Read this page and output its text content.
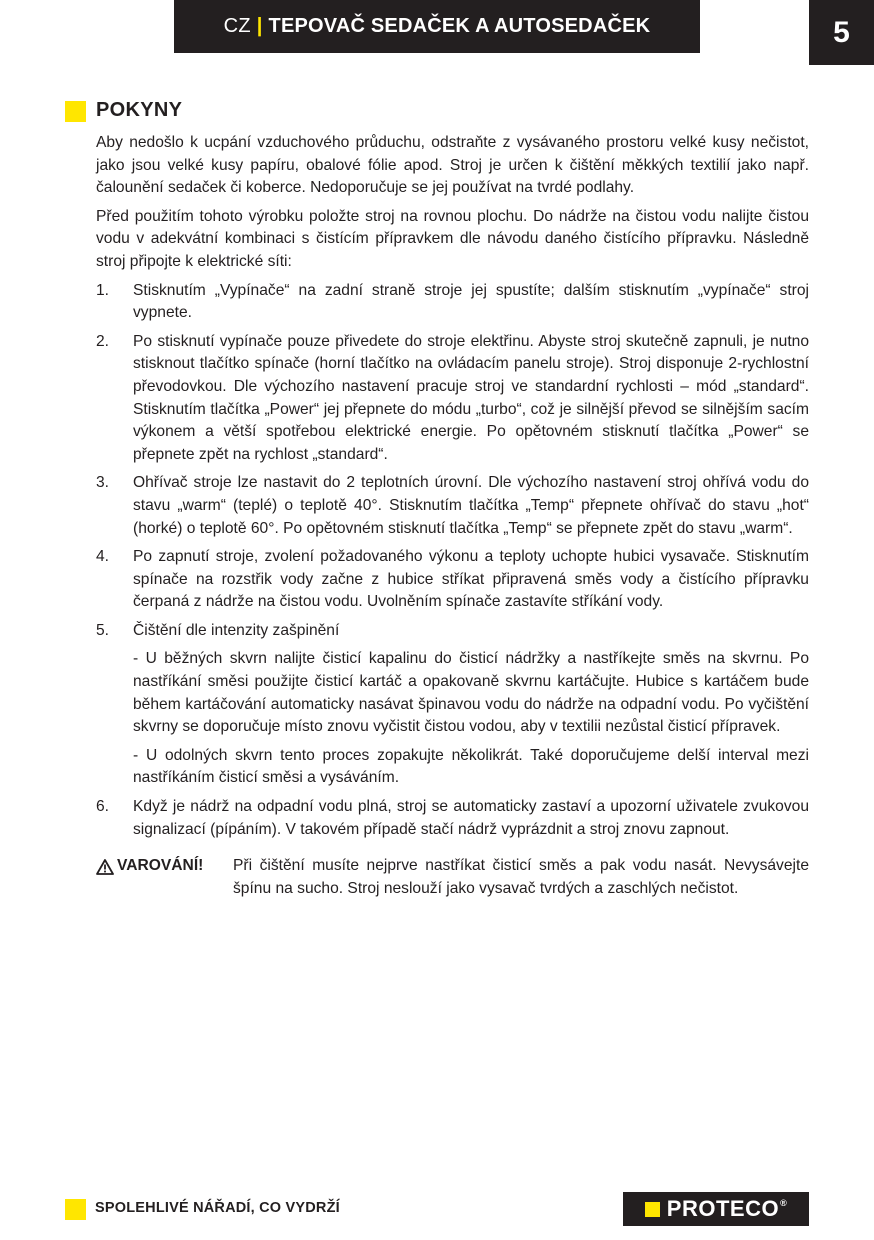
CZ | TEPOVAČ SEDAČEK A AUTOSEDAČEK	5
POKYNY

Aby nedošlo k ucpání vzduchového průduchu, odstraňte z vysávaného prostoru velké kusy nečistot, jako jsou velké kusy papíru, obalové fólie apod. Stroj je určen k čištění měkkých textilií jako např. čalounění sedaček či koberce. Nedoporučuje se jej používat na tvrdé podlahy.

Před použitím tohoto výrobku položte stroj na rovnou plochu. Do nádrže na čistou vodu nalijte čistou vodu v adekvátní kombinaci s čistícím přípravkem dle návodu daného čistícího přípravku. Následně stroj připojte k elektrické síti:

1.	Stisknutím „Vypínače“ na zadní straně stroje jej spustíte; dalším stisknutím „vypínače“ stroj vypnete.
2.	Po stisknutí vypínače pouze přivedete do stroje elektřinu. Abyste stroj skutečně zapnuli, je nutno stisknout tlačítko spínače (horní tlačítko na ovládacím panelu stroje). Stroj disponuje 2-rychlostní převodovkou. Dle výchozího nastavení pracuje stroj ve standardní rychlosti – mód „standard“. Stisknutím tlačítka „Power“ jej přepnete do módu „turbo“, což je silnější převod se silnějším sacím výkonem a větší spotřebou elektrické energie. Po opětovném stisknutí tlačítka „Power“ se přepnete zpět na rychlost „standard“.
3.	Ohřívač stroje lze nastavit do 2 teplotních úrovní. Dle výchozího nastavení stroj ohřívá vodu do stavu „warm“ (teplé) o teplotě 40°. Stisknutím tlačítka „Temp“ přepnete ohřívač do stavu „hot“ (horké) o teplotě 60°. Po opětovném stisknutí tlačítka „Temp“ se přepnete zpět do stavu „warm“.
4.	Po zapnutí stroje, zvolení požadovaného výkonu a teploty uchopte hubici vysavače. Stisknutím spínače na rozstřik vody začne z hubice stříkat připravená směs vody a čistícího přípravku čerpaná z nádrže na čistou vodu. Uvolněním spínače zastavíte stříkání vody.
5.	Čištění dle intenzity zašpinění

- U běžných skvrn nalijte čisticí kapalinu do čisticí nádržky a nastříkejte směs na skvrnu. Po nastříkání směsi použijte čisticí kartáč a opakovaně skvrnu kartáčujte. Hubice s kartáčem bude během kartáčování automaticky nasávat špinavou vodu do nádrže na odpadní vodu. Po vyčištění skvrny se doporučuje místo znovu vyčistit čistou vodou, aby v textilii nezůstal čisticí přípravek.

- U odolných skvrn tento proces zopakujte několikrát. Také doporučujeme delší interval mezi nastříkáním čisticí směsi a vysáváním.

6.	Když je nádrž na odpadní vodu plná, stroj se automaticky zastaví a upozorní uživatele zvukovou signalizací (pípáním). V takovém případě stačí nádrž vyprázdnit a stroj znovu zapnout.
VAROVÁNÍ! Při čištění musíte nejprve nastříkat čisticí směs a pak vodu nasát. Nevysávejte špínu na sucho. Stroj neslouží jako vysavač tvrdých a zaschlých nečistot.
SPOLEHLIVÉ NÁŘADÍ, CO VYDRŽÍ	PROTECO ®
